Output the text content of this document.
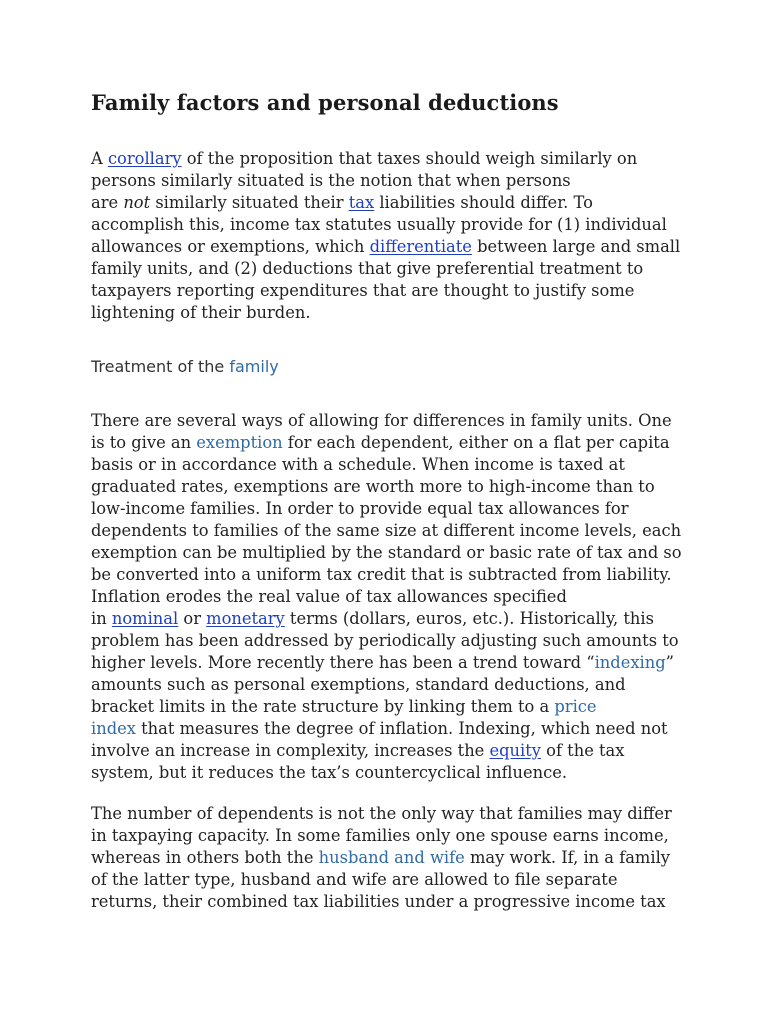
Family factors and personal deductions

A corollary of the proposition that taxes should weigh similarly on
persons similarly situated is the notion that when persons
are not similarly situated their tax liabilities should differ. To
accomplish this, income tax statutes usually provide for (1) individual
allowances or exemptions, which differentiate between large and small
family units, and (2) deductions that give preferential treatment to
taxpayers reporting expenditures that are thought to justify some
lightening of their burden.

Treatment of the family

There are several ways of allowing for differences in family units. One
is to give an exemption for each dependent, either on a flat per capita
basis or in accordance with a schedule. When income is taxed at
graduated rates, exemptions are worth more to high-income than to
low-income families. In order to provide equal tax allowances for
dependents to families of the same size at different income levels, each
exemption can be multiplied by the standard or basic rate of tax and so
be converted into a uniform tax credit that is subtracted from liability.
Inflation erodes the real value of tax allowances specified
in nominal or monetary terms (dollars, euros, etc.). Historically, this
problem has been addressed by periodically adjusting such amounts to
higher levels. More recently there has been a trend toward “indexing”
amounts such as personal exemptions, standard deductions, and
bracket limits in the rate structure by linking them to a price
index that measures the degree of inflation. Indexing, which need not
involve an increase in complexity, increases the equity of the tax
system, but it reduces the tax’s countercyclical influence.

The number of dependents is not the only way that families may differ
in taxpaying capacity. In some families only one spouse earns income,
whereas in others both the husband and wife may work. If, in a family
of the latter type, husband and wife are allowed to file separate
returns, their combined tax liabilities under a progressive income tax
